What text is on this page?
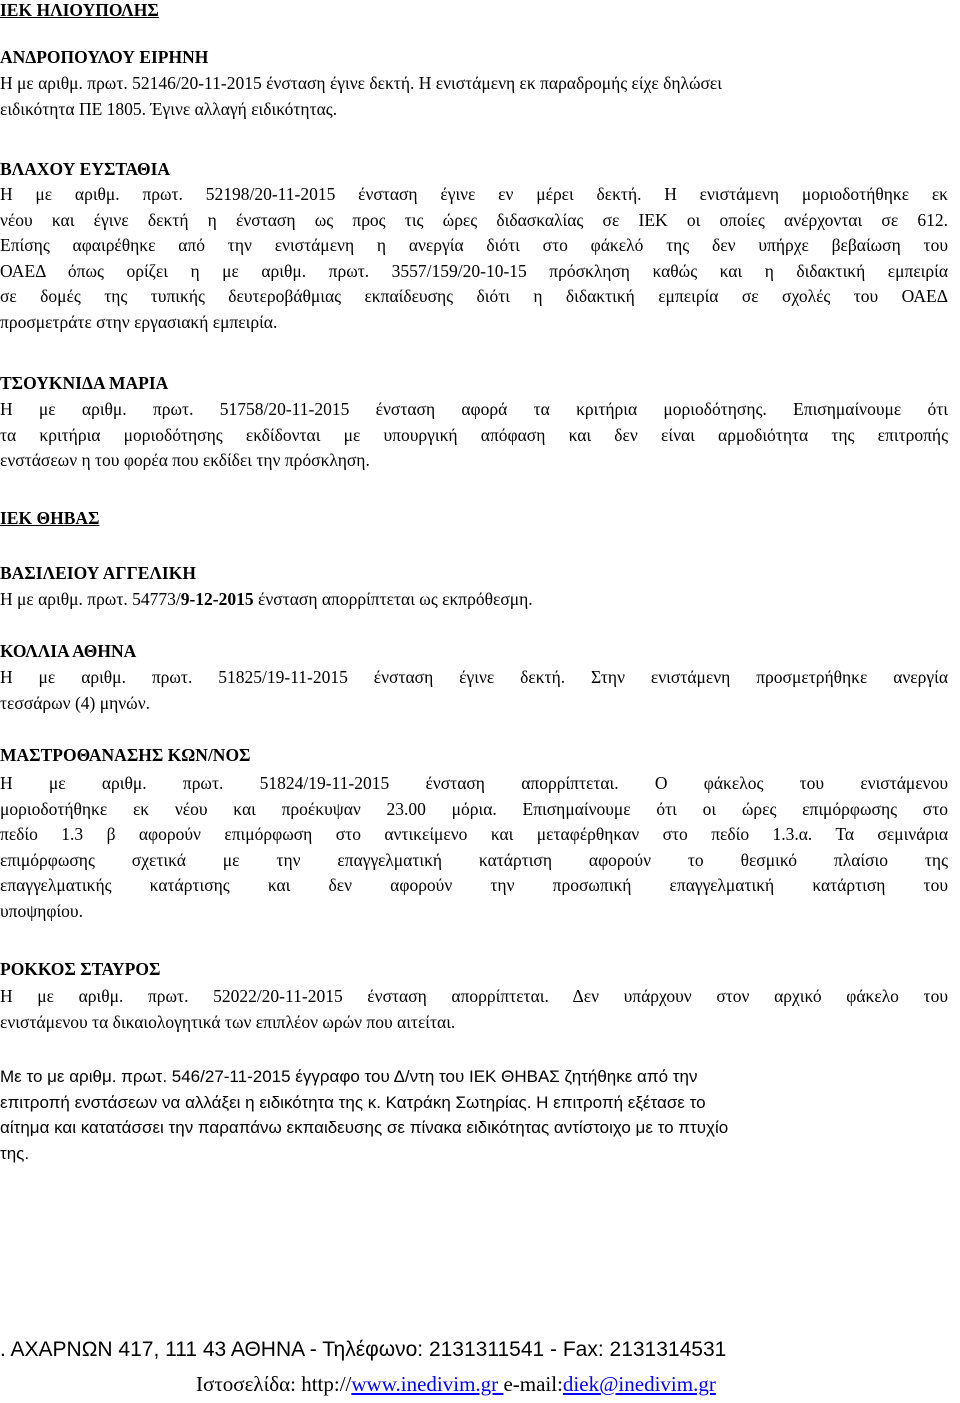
ΙΕΚ ΗΛΙΟΥΠΟΛΗΣ
ΑΝΔΡΟΠΟΥΛΟΥ ΕΙΡΗΝΗ
Η με αριθμ. πρωτ. 52146/20-11-2015 ένσταση έγινε δεκτή. Η ενιστάμενη εκ παραδρομής είχε δηλώσει
ειδικότητα ΠΕ 1805. Έγινε αλλαγή ειδικότητας.
ΒΛΑΧΟΥ ΕΥΣΤΑΘΙΑ
Η με αριθμ. πρωτ. 52198/20-11-2015 ένσταση έγινε εν μέρει δεκτή. Η ενιστάμενη μοριοδοτήθηκε εκ
νέου και έγινε δεκτή η ένσταση ως προς τις ώρες διδασκαλίας σε ΙΕΚ οι οποίες ανέρχονται σε 612.
Επίσης αφαιρέθηκε από την ενιστάμενη η ανεργία διότι στο φάκελό της δεν υπήρχε βεβαίωση του
ΟΑΕΔ όπως ορίζει η με αριθμ. πρωτ. 3557/159/20-10-15 πρόσκληση καθώς και η διδακτική εμπειρία
σε δομές της τυπικής δευτεροβάθμιας εκπαίδευσης διότι η διδακτική εμπειρία σε σχολές του ΟΑΕΔ
προσμετράτε στην εργασιακή εμπειρία.
ΤΣΟΥΚΝΙΔΑ ΜΑΡΙΑ
Η με αριθμ. πρωτ. 51758/20-11-2015 ένσταση αφορά τα κριτήρια μοριοδότησης. Επισημαίνουμε ότι
τα κριτήρια μοριοδότησης εκδίδονται με υπουργική απόφαση και δεν είναι αρμοδιότητα της επιτροπής
ενστάσεων η του φορέα που εκδίδει την πρόσκληση.
ΙΕΚ ΘΗΒΑΣ
ΒΑΣΙΛΕΙΟΥ ΑΓΓΕΛΙΚΗ
Η με αριθμ. πρωτ. 54773/9-12-2015 ένσταση απορρίπτεται ως εκπρόθεσμη.
ΚΟΛΛΙΑ ΑΘΗΝΑ
Η με αριθμ. πρωτ. 51825/19-11-2015 ένσταση έγινε δεκτή. Στην ενιστάμενη προσμετρήθηκε ανεργία
τεσσάρων (4) μηνών.
ΜΑΣΤΡΟΘΑΝΑΣΗΣ ΚΩΝ/ΝΟΣ
Η με αριθμ. πρωτ. 51824/19-11-2015 ένσταση απορρίπτεται. Ο φάκελος του ενιστάμενου
μοριοδοτήθηκε εκ νέου και προέκυψαν 23.00 μόρια. Επισημαίνουμε ότι οι ώρες επιμόρφωσης στο
πεδίο 1.3 β αφορούν επιμόρφωση στο αντικείμενο και μεταφέρθηκαν στο πεδίο 1.3.α. Τα σεμινάρια
επιμόρφωσης σχετικά με την επαγγελματική κατάρτιση αφορούν το θεσμικό πλαίσιο της
επαγγελματικής κατάρτισης και δεν αφορούν την προσωπική επαγγελματική κατάρτιση του
υποψηφίου.
ΡΟΚΚΟΣ ΣΤΑΥΡΟΣ
Η με αριθμ. πρωτ. 52022/20-11-2015 ένσταση απορρίπτεται. Δεν υπάρχουν στον αρχικό φάκελο του
ενιστάμενου τα δικαιολογητικά των επιπλέον ωρών που αιτείται.
Με το με αριθμ. πρωτ. 546/27-11-2015 έγγραφο του Δ/ντη του ΙΕΚ ΘΗΒΑΣ ζητήθηκε από την
επιτροπή ενστάσεων να αλλάξει η ειδικότητα της κ. Κατράκη Σωτηρίας. Η επιτροπή εξέτασε το
αίτημα και κατατάσσει την παραπάνω εκπαιδευσης σε πίνακα ειδικότητας αντίστοιχο με το πτυχίο
της.
. ΑΧΑΡΝΩΝ 417, 111 43 ΑΘΗΝΑ - Τηλέφωνο: 2131311541 - Fax: 2131314531
Ιστοσελίδα: http://www.inedivim.gr e-mail:diek@inedivim.gr
